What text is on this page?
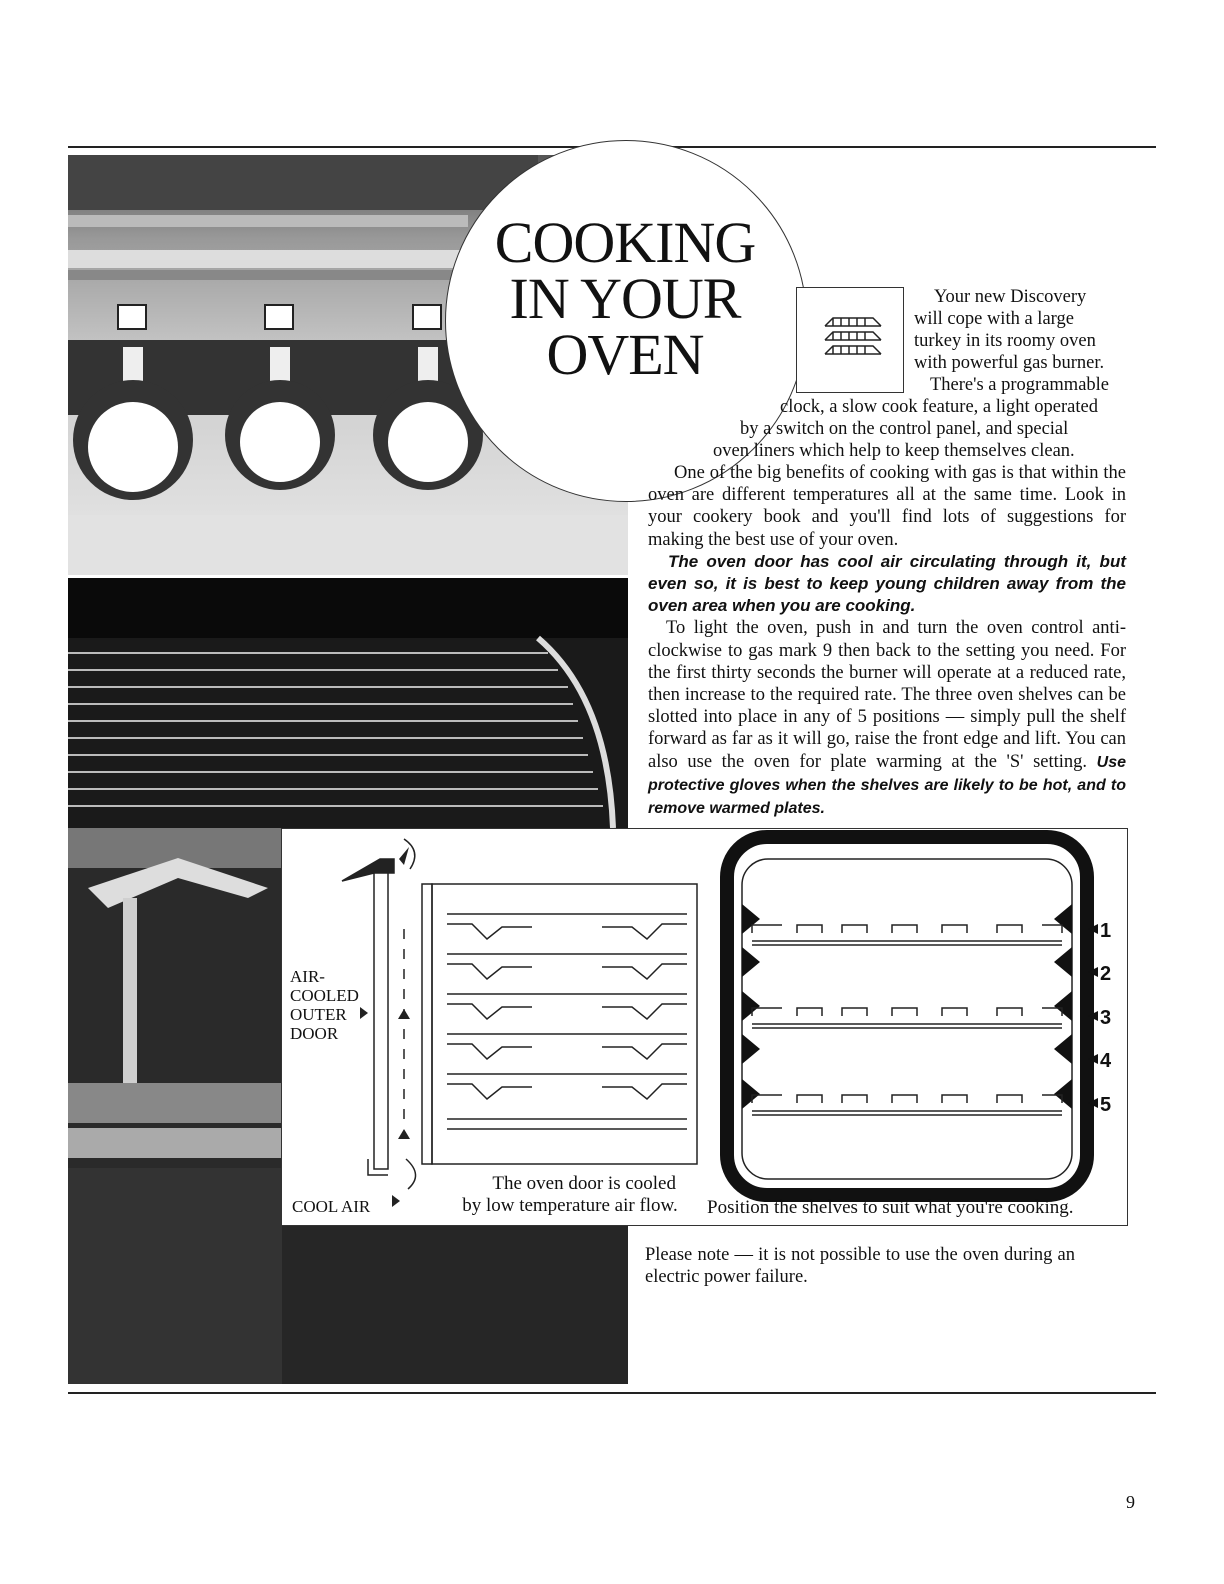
COOKING
IN YOUR
OVEN
Your new Discovery
will cope with a large
turkey in its roomy oven
with powerful gas burner.
There's a programmable
clock, a slow cook feature, a light operated
by a switch on the control panel, and special
oven liners which help to keep themselves clean.
One of the big benefits of cooking with gas is that within the oven are different temperatures all at the same time. Look in your cookery book and you'll find lots of suggestions for making the best use of your oven.
The oven door has cool air circulating through it, but even so, it is best to keep young children away from the oven area when you are cooking.
To light the oven, push in and turn the oven control anti-clockwise to gas mark 9 then back to the setting you need. For the first thirty seconds the burner will operate at a reduced rate, then increase to the required rate. The three oven shelves can be slotted into place in any of 5 positions — simply pull the shelf forward as far as it will go, raise the front edge and lift. You can also use the oven for plate warming at the 'S' setting. Use protective gloves when the shelves are likely to be hot, and to remove warmed plates.
AIR-
COOLED
OUTER
DOOR
COOL AIR
The oven door is cooled
by low temperature air flow.	Position the shelves to suit what you're cooking.
1
2
3
4
5
Please note — it is not possible to use the oven during an electric power failure.
9
